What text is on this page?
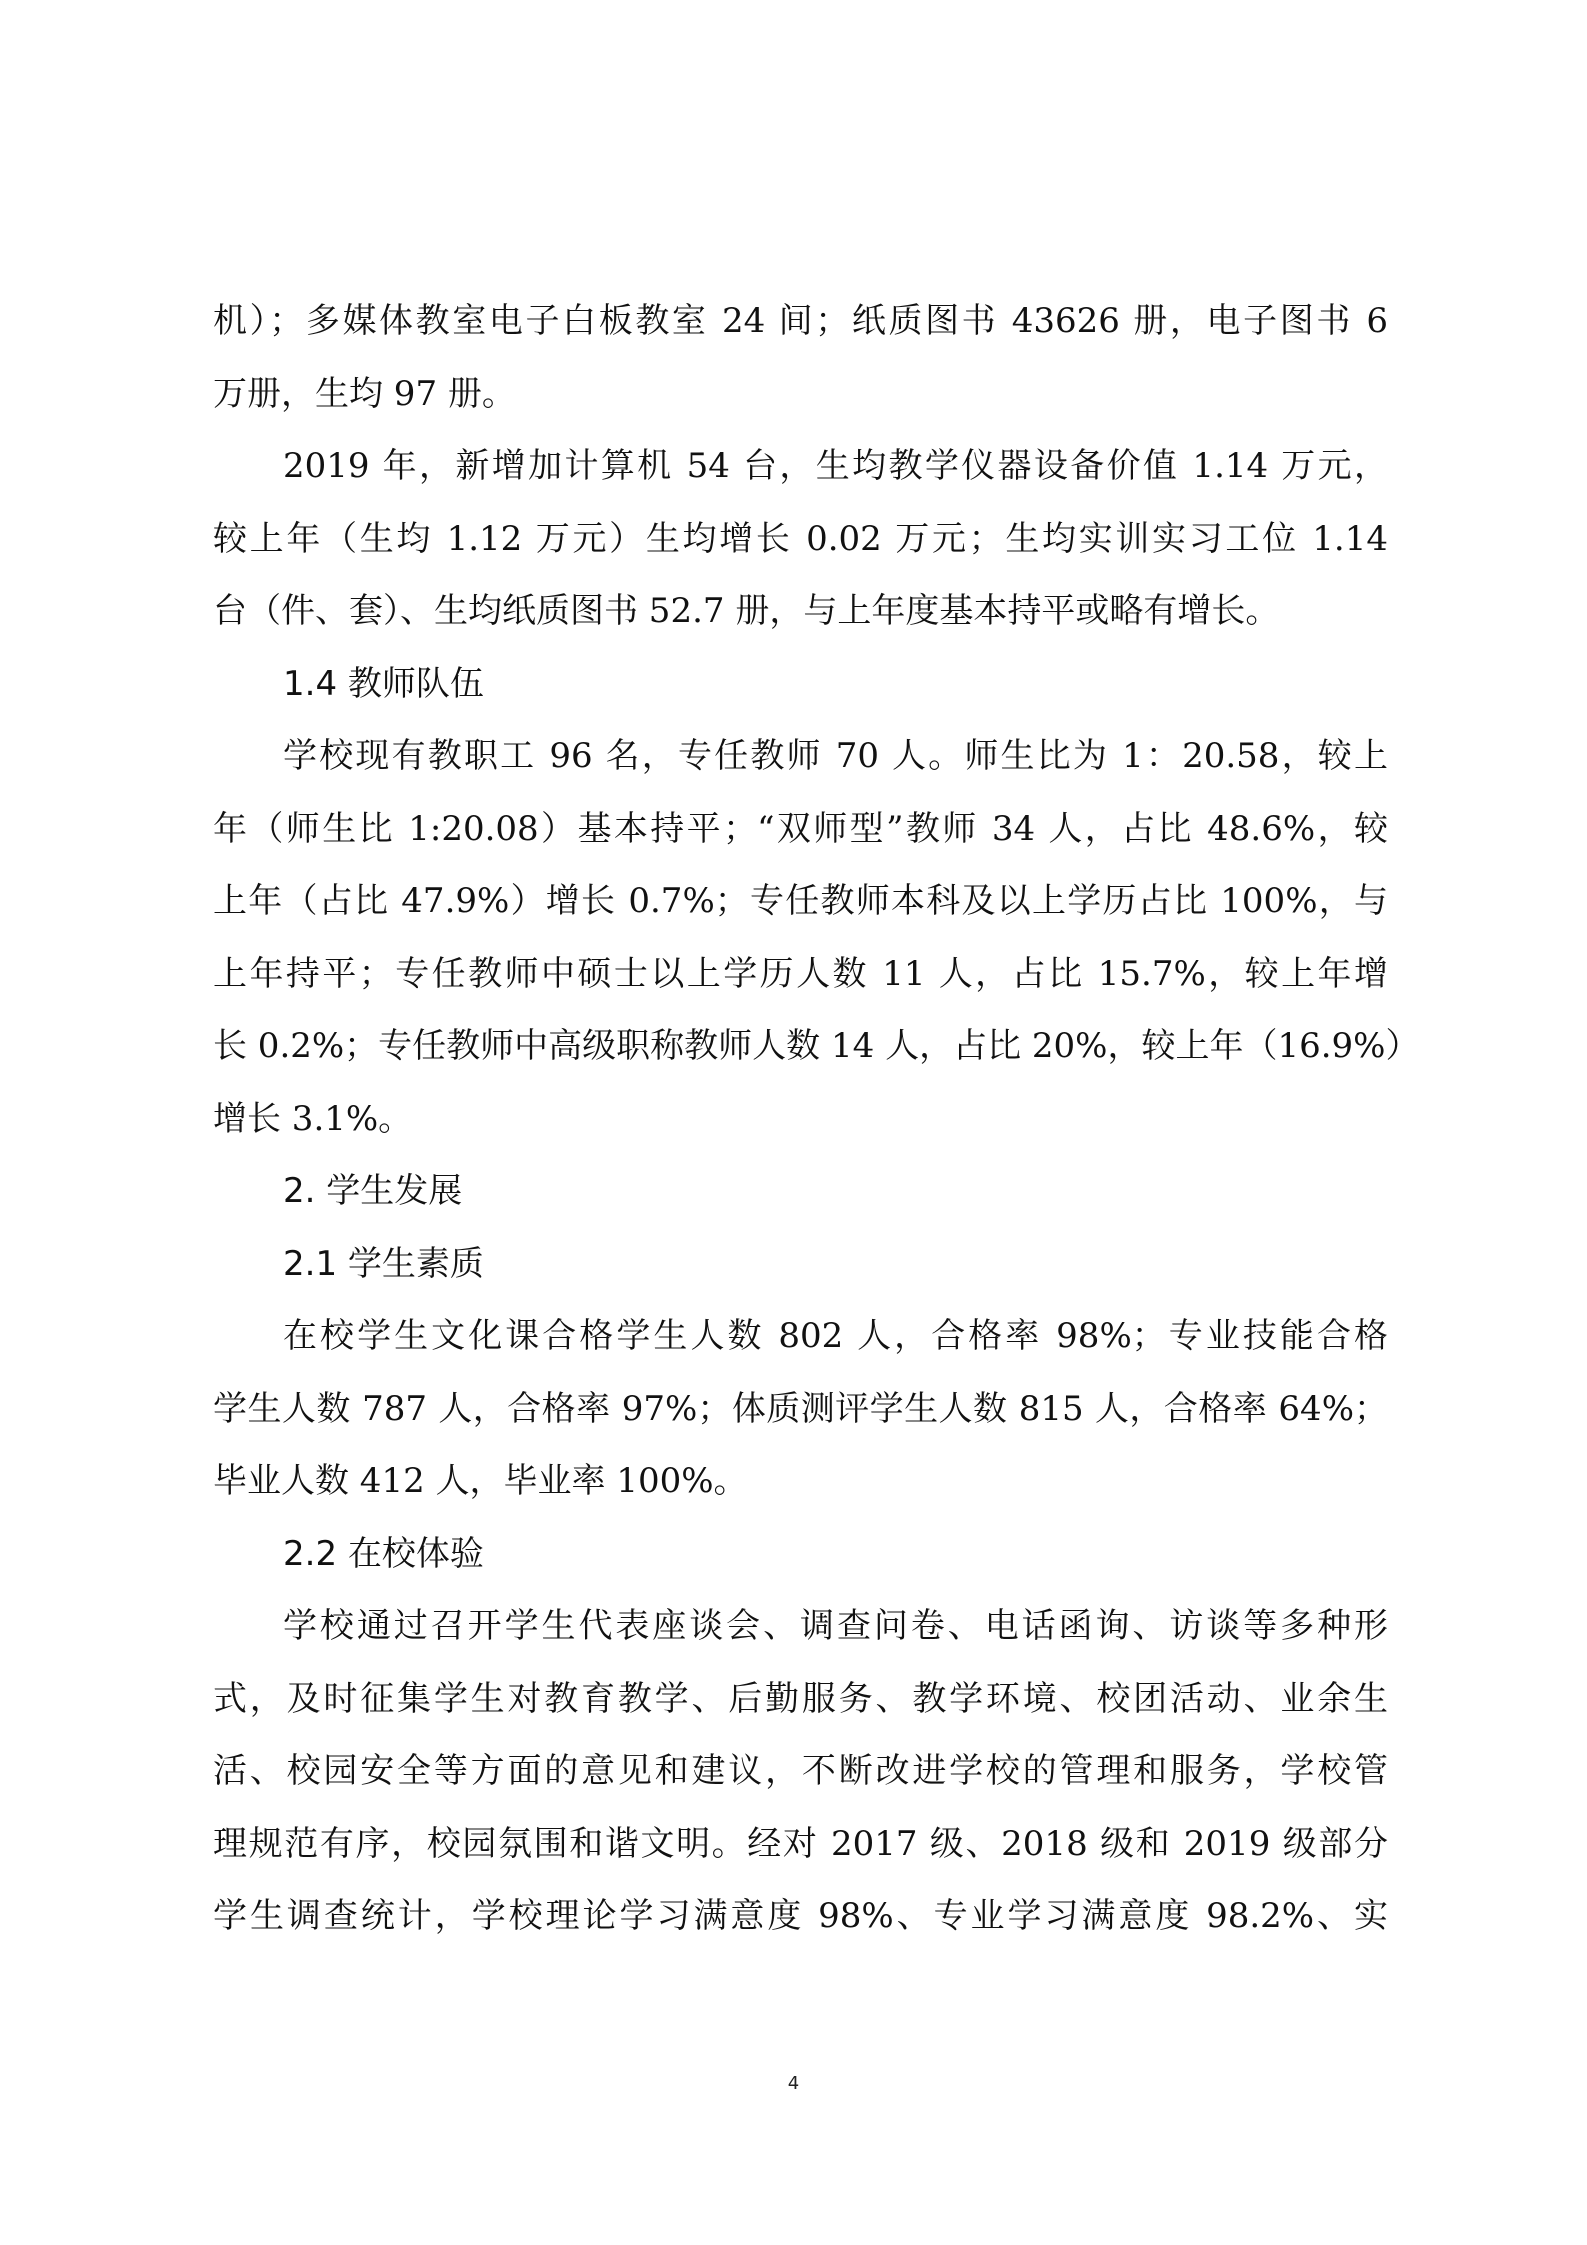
机）；多媒体教室电子白板教室 24 间；纸质图书 43626 册，电子图书 6
万册，生均 97 册。
2019 年，新增加计算机 54 台，生均教学仪器设备价值 1.14 万元，
较上年（生均 1.12 万元）生均增长 0.02 万元；生均实训实习工位 1.14
台（件、套）、生均纸质图书 52.7 册，与上年度基本持平或略有增长。
1.4 教师队伍
学校现有教职工 96 名，专任教师 70 人。师生比为 1：20.58，较上
年（师生比 1:20.08）基本持平；“双师型”教师 34 人，占比 48.6%，较
上年（占比 47.9%）增长 0.7%；专任教师本科及以上学历占比 100%，与
上年持平；专任教师中硕士以上学历人数 11 人，占比 15.7%，较上年增
长 0.2%；专任教师中高级职称教师人数 14 人，占比 20%，较上年（16.9%）
增长 3.1%。
2. 学生发展
2.1 学生素质
在校学生文化课合格学生人数 802 人，合格率 98%；专业技能合格
学生人数 787 人，合格率 97%；体质测评学生人数 815 人，合格率 64%；
毕业人数 412 人，毕业率 100%。
2.2 在校体验
学校通过召开学生代表座谈会、调查问卷、电话函询、访谈等多种形
式，及时征集学生对教育教学、后勤服务、教学环境、校团活动、业余生
活、校园安全等方面的意见和建议，不断改进学校的管理和服务，学校管
理规范有序，校园氛围和谐文明。经对 2017 级、2018 级和 2019 级部分
学生调查统计，学校理论学习满意度 98%、专业学习满意度 98.2%、实
4
